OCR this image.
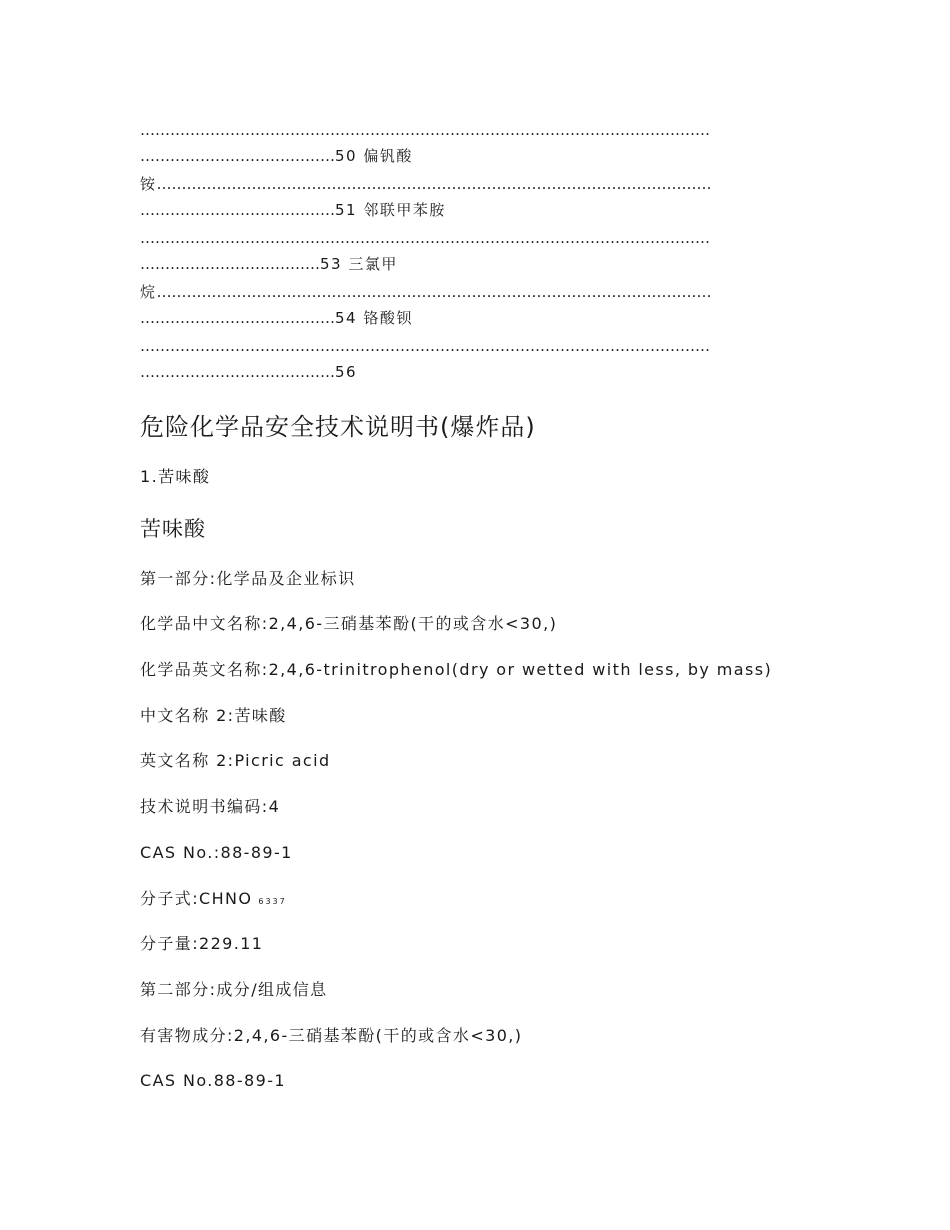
……………………………………………………………………………………………………
…………………………………50 偏钒酸
铵…………………………………………………………………………………………………
…………………………………51 邻联甲苯胺
……………………………………………………………………………………………………
………………………………53 三氯甲
烷…………………………………………………………………………………………………
…………………………………54 铬酸钡
……………………………………………………………………………………………………
…………………………………56
危险化学品安全技术说明书(爆炸品)
1.苦味酸
苦味酸
第一部分:化学品及企业标识
化学品中文名称:2,4,6-三硝基苯酚(干的或含水<30,)
化学品英文名称:2,4,6-trinitrophenol(dry or wetted with less, by mass)
中文名称 2:苦味酸
英文名称 2:Picric acid
技术说明书编码:4
CAS No.:88-89-1
分子式:CHNO 6337
分子量:229.11
第二部分:成分/组成信息
有害物成分:2,4,6-三硝基苯酚(干的或含水<30,)
CAS No.88-89-1
